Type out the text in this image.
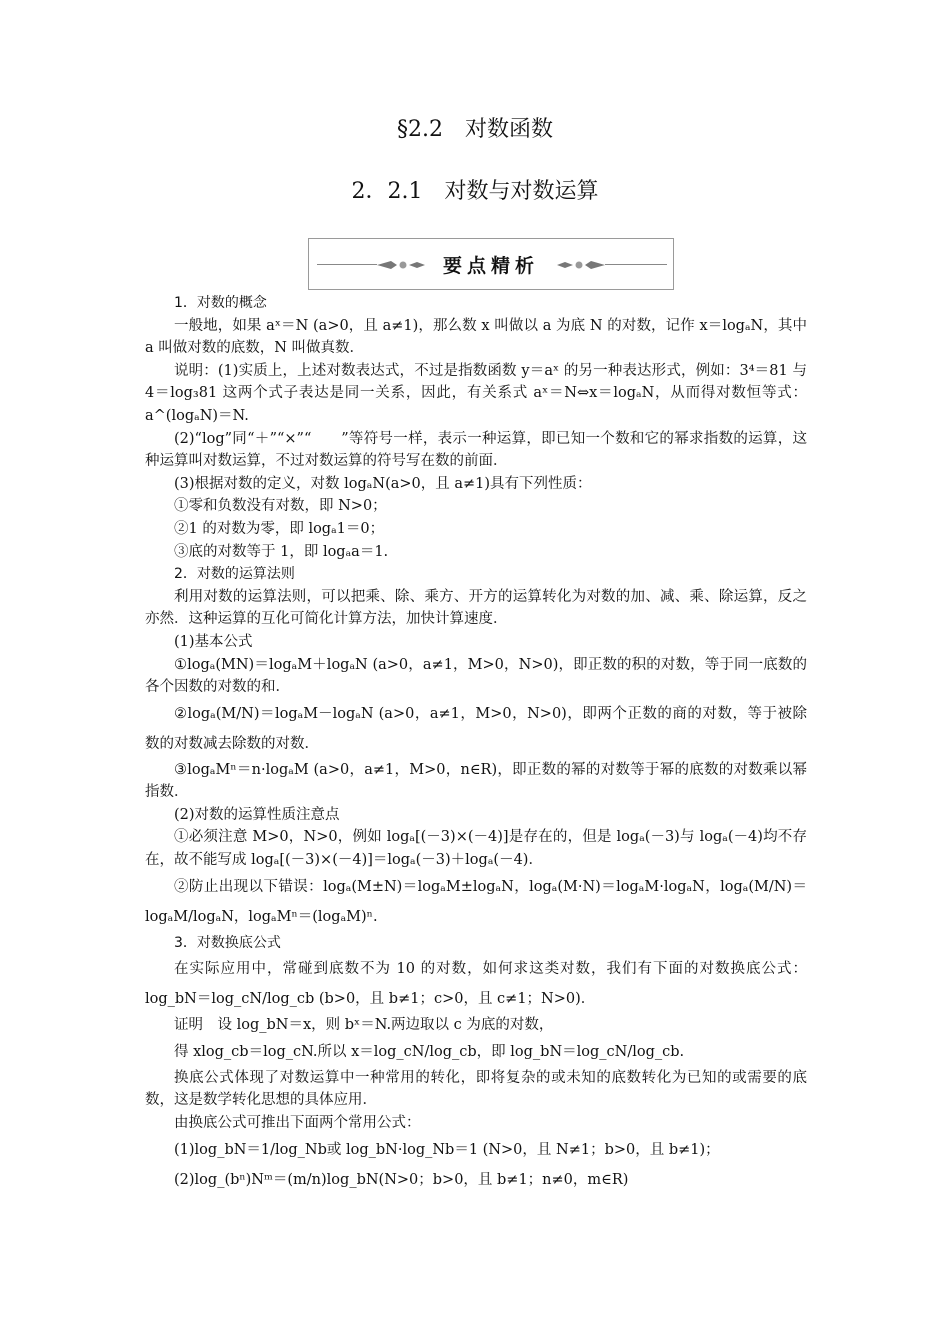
§2.2　对数函数
2．2.1　对数与对数运算
要点精析

1．对数的概念

一般地，如果 aˣ＝N (a>0，且 a≠1)，那么数 x 叫做以 a 为底 N 的对数，记作 x＝logₐN，其中 a 叫做对数的底数，N 叫做真数．

说明：(1)实质上，上述对数表达式，不过是指数函数 y＝aˣ 的另一种表达形式，例如：3⁴＝81 与 4＝log₃81 这两个式子表达是同一关系，因此，有关系式 aˣ＝N⇔x＝logₐN，从而得对数恒等式：a^(logₐN)＝N.

(2)“log”同“＋”“×”“　　”等符号一样，表示一种运算，即已知一个数和它的幂求指数的运算，这种运算叫对数运算，不过对数运算的符号写在数的前面．

(3)根据对数的定义，对数 logₐN(a>0，且 a≠1)具有下列性质：

①零和负数没有对数，即 N>0；

②1 的对数为零，即 logₐ1＝0；

③底的对数等于 1，即 logₐa＝1.

2．对数的运算法则

利用对数的运算法则，可以把乘、除、乘方、开方的运算转化为对数的加、减、乘、除运算，反之亦然．这种运算的互化可简化计算方法，加快计算速度．

(1)基本公式

①logₐ(MN)＝logₐM＋logₐN (a>0，a≠1，M>0，N>0)，即正数的积的对数，等于同一底数的各个因数的对数的和．

②logₐ(M/N)＝logₐM－logₐN (a>0，a≠1，M>0，N>0)，即两个正数的商的对数，等于被除数的对数减去除数的对数．

③logₐMⁿ＝n·logₐM (a>0，a≠1，M>0，n∈R)，即正数的幂的对数等于幂的底数的对数乘以幂指数．

(2)对数的运算性质注意点

①必须注意 M>0，N>0，例如 logₐ[(－3)×(－4)]是存在的，但是 logₐ(－3)与 logₐ(－4)均不存在，故不能写成 logₐ[(－3)×(－4)]＝logₐ(－3)＋logₐ(－4)．

②防止出现以下错误：logₐ(M±N)＝logₐM±logₐN，logₐ(M·N)＝logₐM·logₐN，logₐ(M/N)＝logₐM/logₐN，logₐMⁿ＝(logₐM)ⁿ.

3．对数换底公式

在实际应用中，常碰到底数不为 10 的对数，如何求这类对数，我们有下面的对数换底公式：log_bN＝log_cN/log_cb (b>0，且 b≠1；c>0，且 c≠1；N>0)．

证明　设 log_bN＝x，则 bˣ＝N.两边取以 c 为底的对数，

得 xlog_cb＝log_cN.所以 x＝log_cN/log_cb，即 log_bN＝log_cN/log_cb.

换底公式体现了对数运算中一种常用的转化，即将复杂的或未知的底数转化为已知的或需要的底数，这是数学转化思想的具体应用．

由换底公式可推出下面两个常用公式：

(1)log_bN＝1/log_Nb或 log_bN·log_Nb＝1 (N>0，且 N≠1；b>0，且 b≠1)；

(2)log_(bⁿ)Nᵐ＝(m/n)log_bN(N>0；b>0，且 b≠1；n≠0，m∈R)
